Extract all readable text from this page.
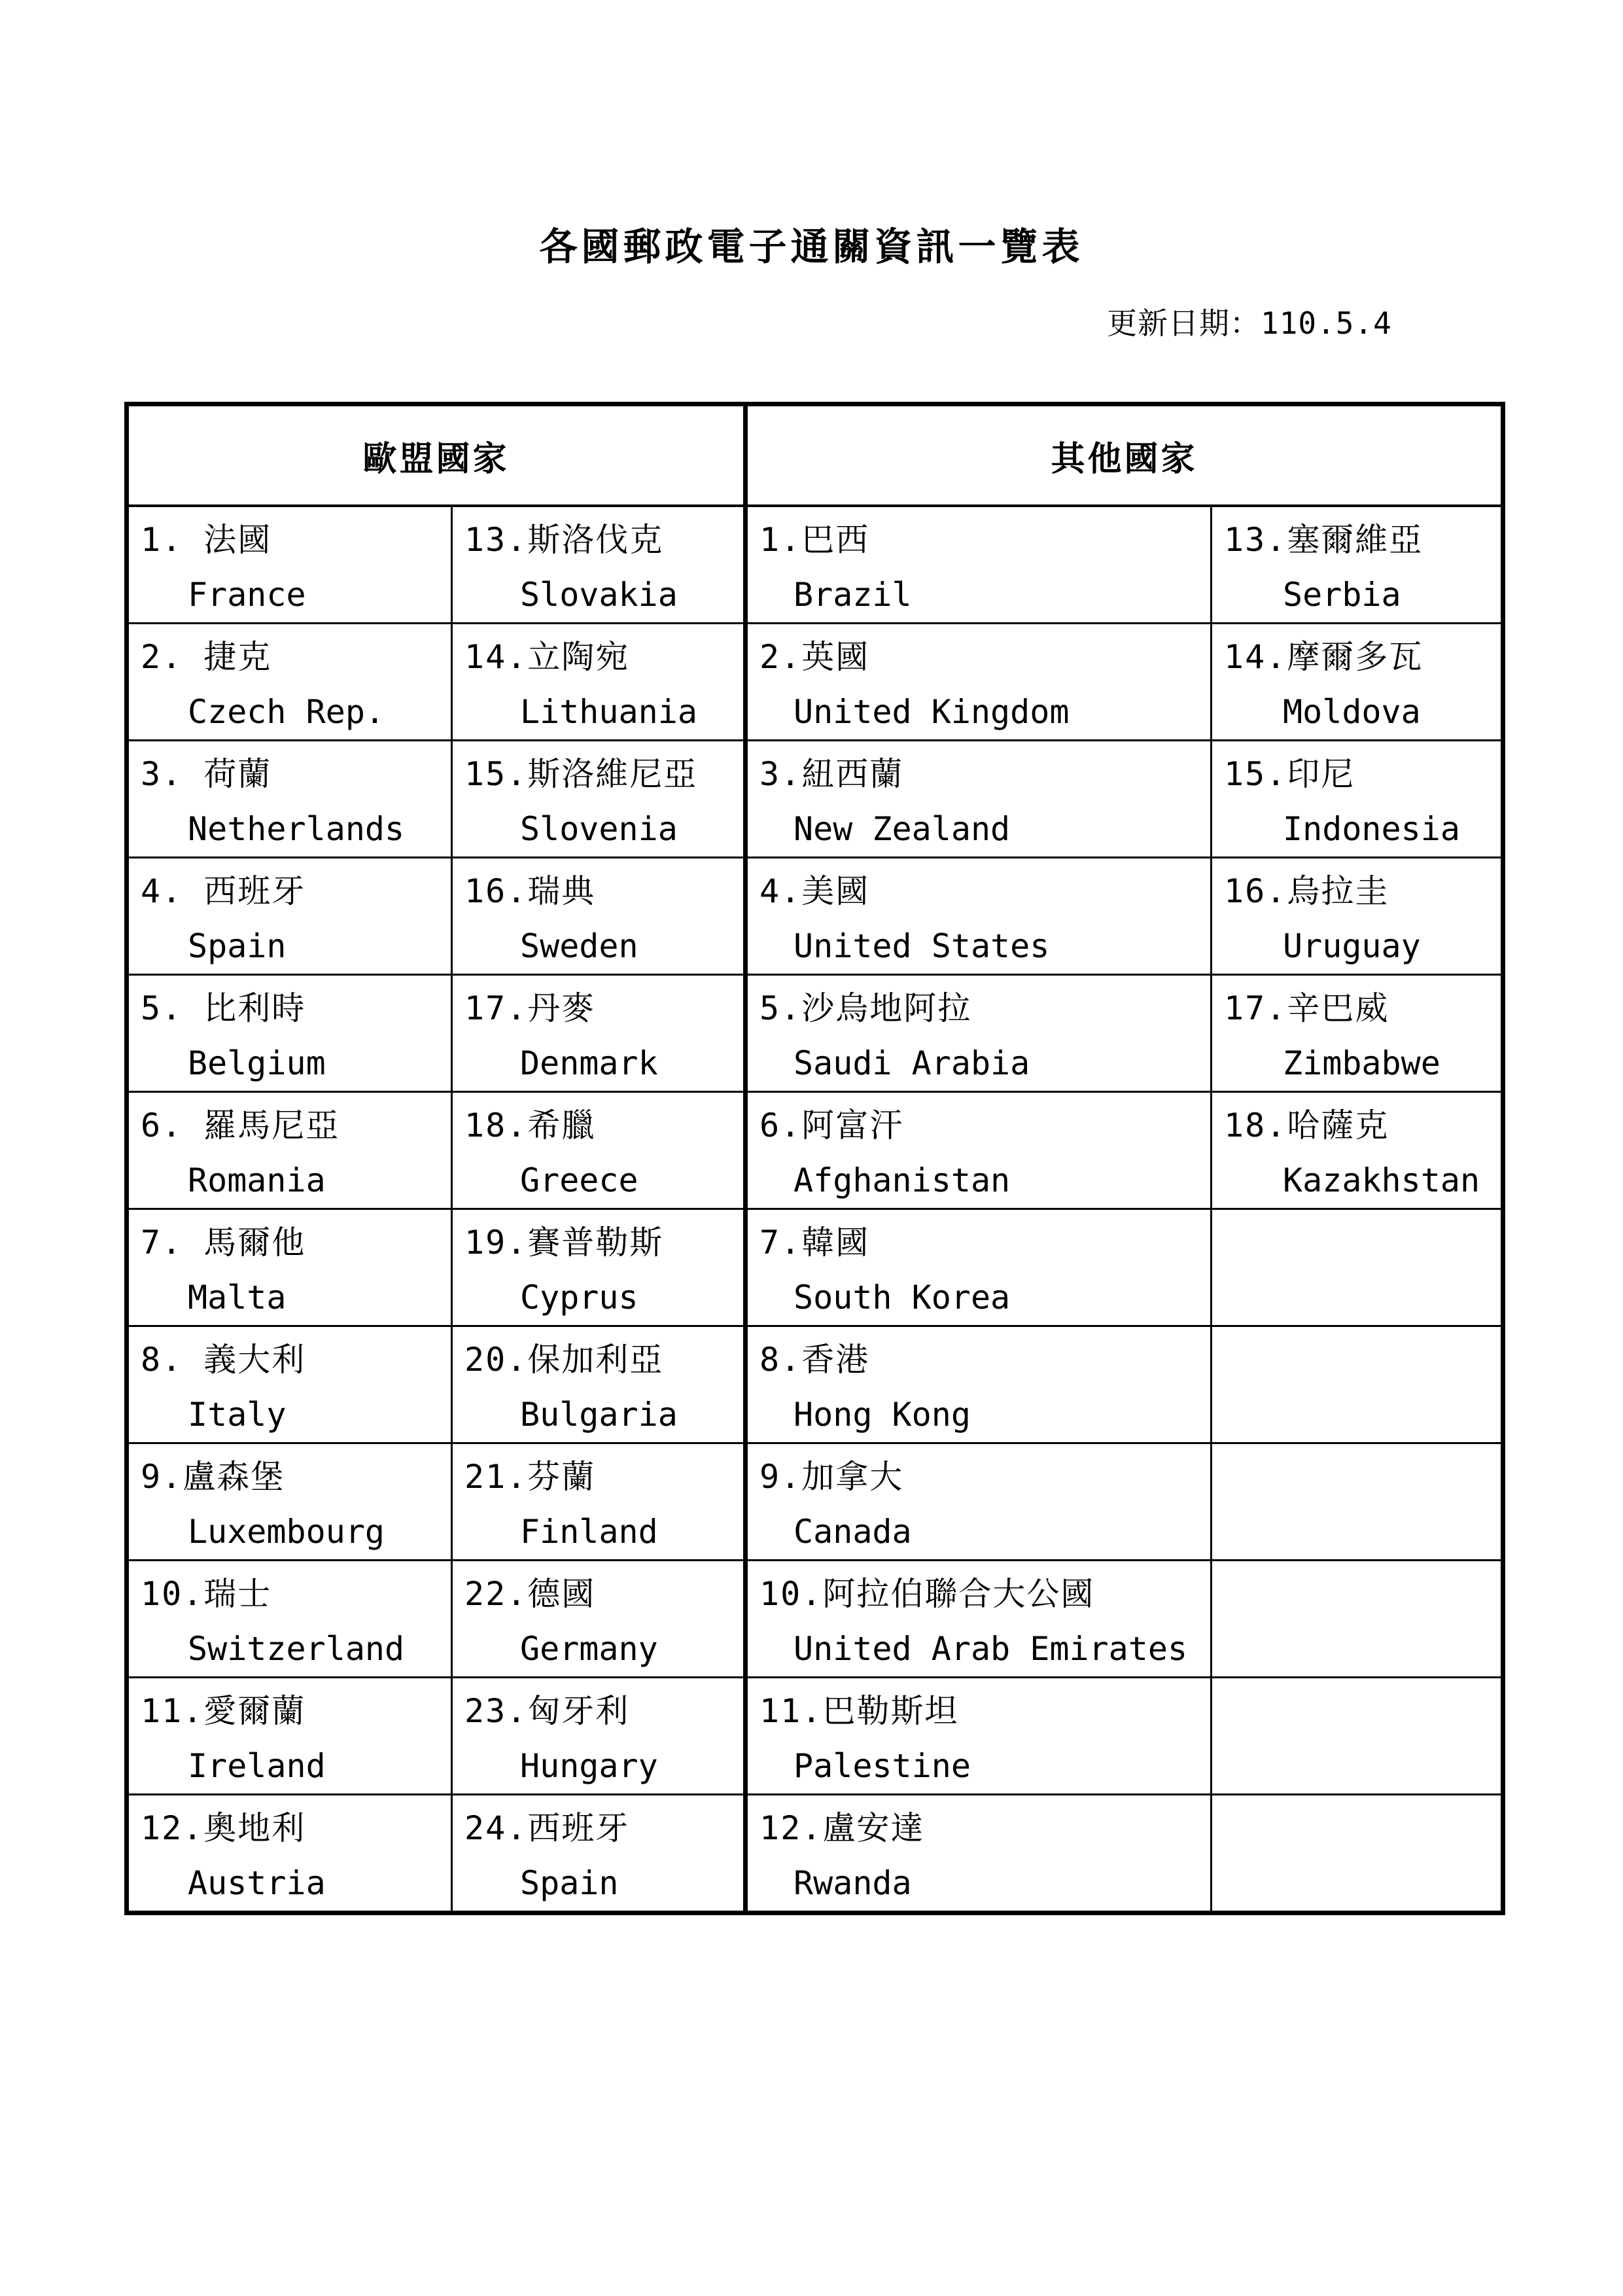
各國郵政電子通關資訊一覽表
更新日期：110.5.4
歐盟國家		其他國家	

1. 法國
France	13.斯洛伐克
Slovakia	1.巴西
Brazil	13.塞爾維亞
Serbia

2. 捷克
Czech Rep.	14.立陶宛
Lithuania	2.英國
United Kingdom	14.摩爾多瓦
Moldova

3. 荷蘭
Netherlands	15.斯洛維尼亞
Slovenia	3.紐西蘭
New Zealand	15.印尼
Indonesia

4. 西班牙
Spain	16.瑞典
Sweden	4.美國
United States	16.烏拉圭
Uruguay

5. 比利時
Belgium	17.丹麥
Denmark	5.沙烏地阿拉
Saudi Arabia	17.辛巴威
Zimbabwe

6. 羅馬尼亞
Romania	18.希臘
Greece	6.阿富汗
Afghanistan	18.哈薩克
Kazakhstan

7. 馬爾他
Malta	19.賽普勒斯
Cyprus	7.韓國
South Korea	

8. 義大利
Italy	20.保加利亞
Bulgaria	8.香港
Hong Kong	

9.盧森堡
Luxembourg	21.芬蘭
Finland	9.加拿大
Canada	

10.瑞士
Switzerland	22.德國
Germany	10.阿拉伯聯合大公國
United Arab Emirates	

11.愛爾蘭
Ireland	23.匈牙利
Hungary	11.巴勒斯坦
Palestine	

12.奧地利
Austria	24.西班牙
Spain	12.盧安達
Rwanda	
